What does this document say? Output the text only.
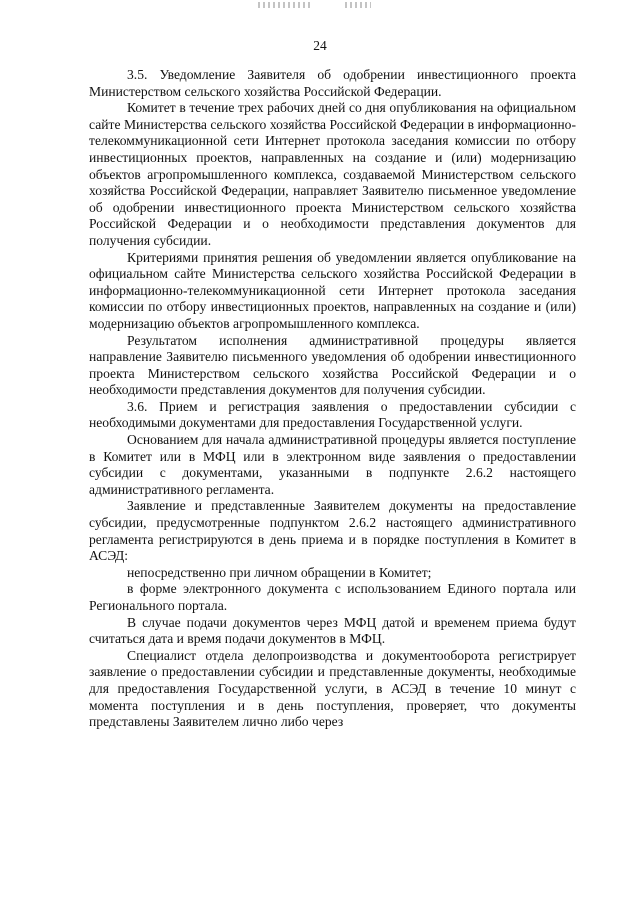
24

3.5. Уведомление Заявителя об одобрении инвестиционного проекта Министерством сельского хозяйства Российской Федерации.

Комитет в течение трех рабочих дней со дня опубликования на официальном сайте Министерства сельского хозяйства Российской Федерации в информационно-телекоммуникационной сети Интернет протокола заседания комиссии по отбору инвестиционных проектов, направленных на создание и (или) модернизацию объектов агропромышленного комплекса, создаваемой Министерством сельского хозяйства Российской Федерации, направляет Заявителю письменное уведомление об одобрении инвестиционного проекта Министерством сельского хозяйства Российской Федерации и о необходимости представления документов для получения субсидии.

Критериями принятия решения об уведомлении является опубликование на официальном сайте Министерства сельского хозяйства Российской Федерации в информационно-телекоммуникационной сети Интернет протокола заседания комиссии по отбору инвестиционных проектов, направленных на создание и (или) модернизацию объектов агропромышленного комплекса.

Результатом исполнения административной процедуры является направление Заявителю письменного уведомления об одобрении инвестиционного проекта Министерством сельского хозяйства Российской Федерации и о необходимости представления документов для получения субсидии.

3.6. Прием и регистрация заявления о предоставлении субсидии с необходимыми документами для предоставления Государственной услуги.

Основанием для начала административной процедуры является поступление в Комитет или в МФЦ или в электронном виде заявления о предоставлении субсидии с документами, указанными в подпункте 2.6.2 настоящего административного регламента.

Заявление и представленные Заявителем документы на предоставление субсидии, предусмотренные подпунктом 2.6.2 настоящего административного регламента регистрируются в день приема и в порядке поступления в Комитет в АСЭД:

непосредственно при личном обращении в Комитет;

в форме электронного документа с использованием Единого портала или Регионального портала.

В случае подачи документов через МФЦ датой и временем приема будут считаться дата и время подачи документов в МФЦ.

Специалист отдела делопроизводства и документооборота регистрирует заявление о предоставлении субсидии и представленные документы, необходимые для предоставления Государственной услуги, в АСЭД в течение 10 минут с момента поступления и в день поступления, проверяет, что документы представлены Заявителем лично либо через
